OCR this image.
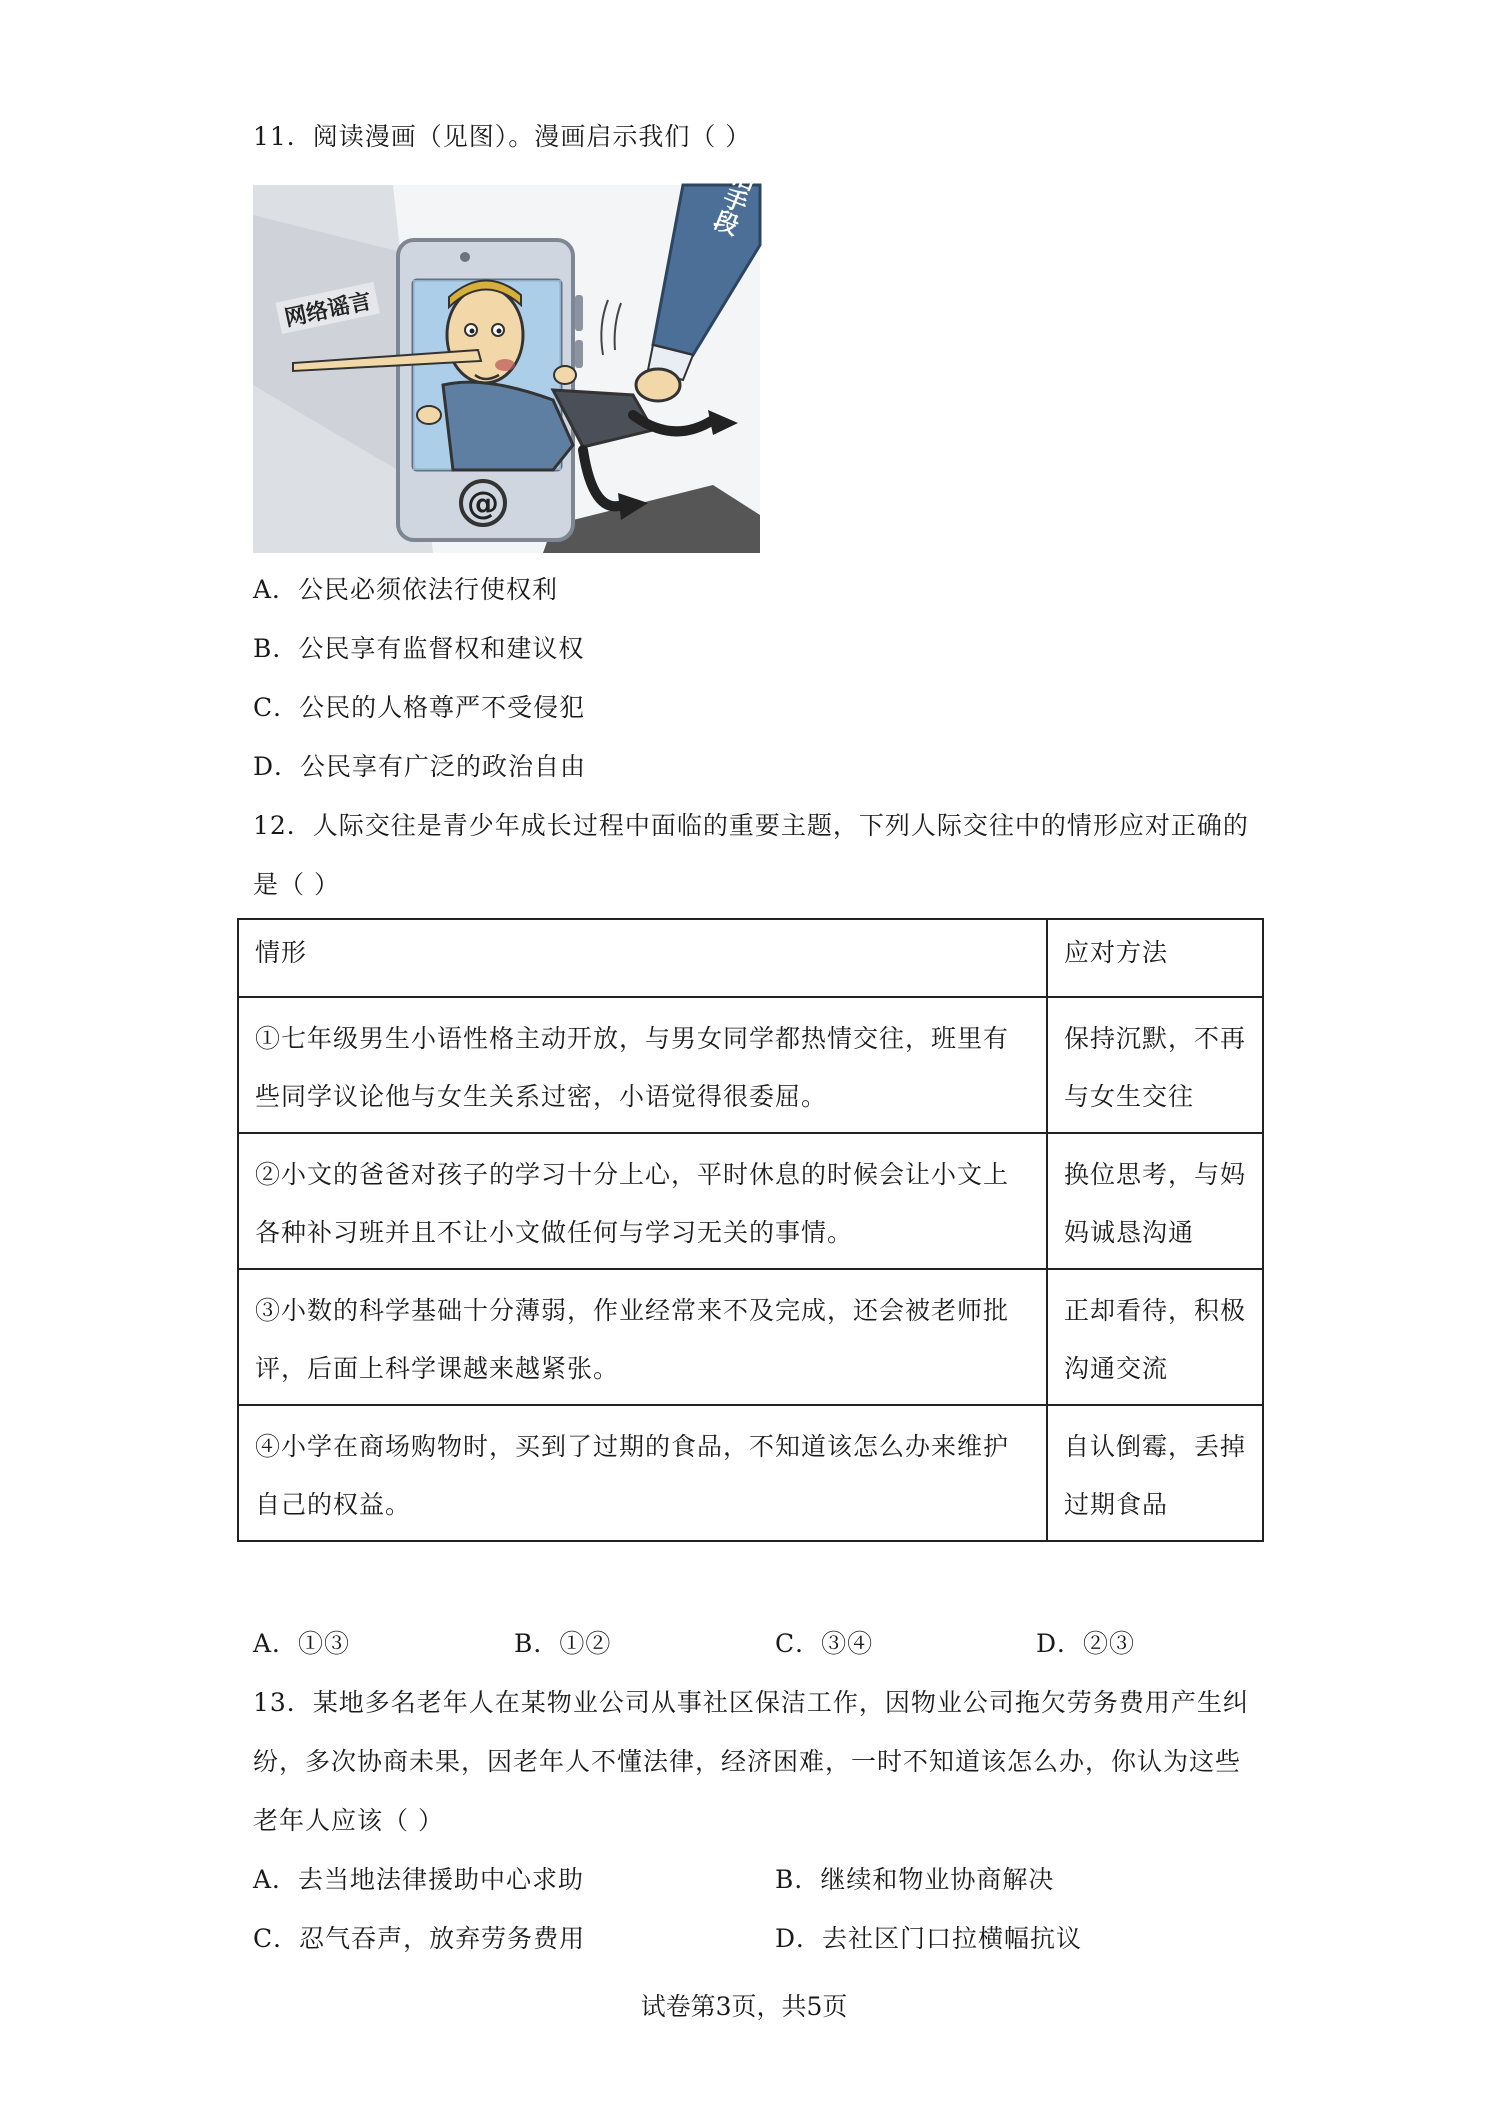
11．阅读漫画（见图）。漫画启示我们（ ）
@
网络谣言
法治手段
A．公民必须依法行使权利
B．公民享有监督权和建议权
C．公民的人格尊严不受侵犯
D．公民享有广泛的政治自由
12．人际交往是青少年成长过程中面临的重要主题，下列人际交往中的情形应对正确的
是（ ）
情形	应对方法

①七年级男生小语性格主动开放，与男女同学都热情交往，班里有
些同学议论他与女生关系过密，小语觉得很委屈。	保持沉默，不再
与女生交往

②小文的爸爸对孩子的学习十分上心，平时休息的时候会让小文上
各种补习班并且不让小文做任何与学习无关的事情。	换位思考，与妈
妈诚恳沟通

③小数的科学基础十分薄弱，作业经常来不及完成，还会被老师批
评，后面上科学课越来越紧张。	正却看待，积极
沟通交流

④小学在商场购物时，买到了过期的食品，不知道该怎么办来维护
自己的权益。	自认倒霉，丢掉
过期食品
A．①③	B．①②	C．③④	D．②③
13．某地多名老年人在某物业公司从事社区保洁工作，因物业公司拖欠劳务费用产生纠
纷，多次协商未果，因老年人不懂法律，经济困难，一时不知道该怎么办，你认为这些
老年人应该（ ）
A．去当地法律援助中心求助	B．继续和物业协商解决
C．忍气吞声，放弃劳务费用	D．去社区门口拉横幅抗议
试卷第3页，共5页
